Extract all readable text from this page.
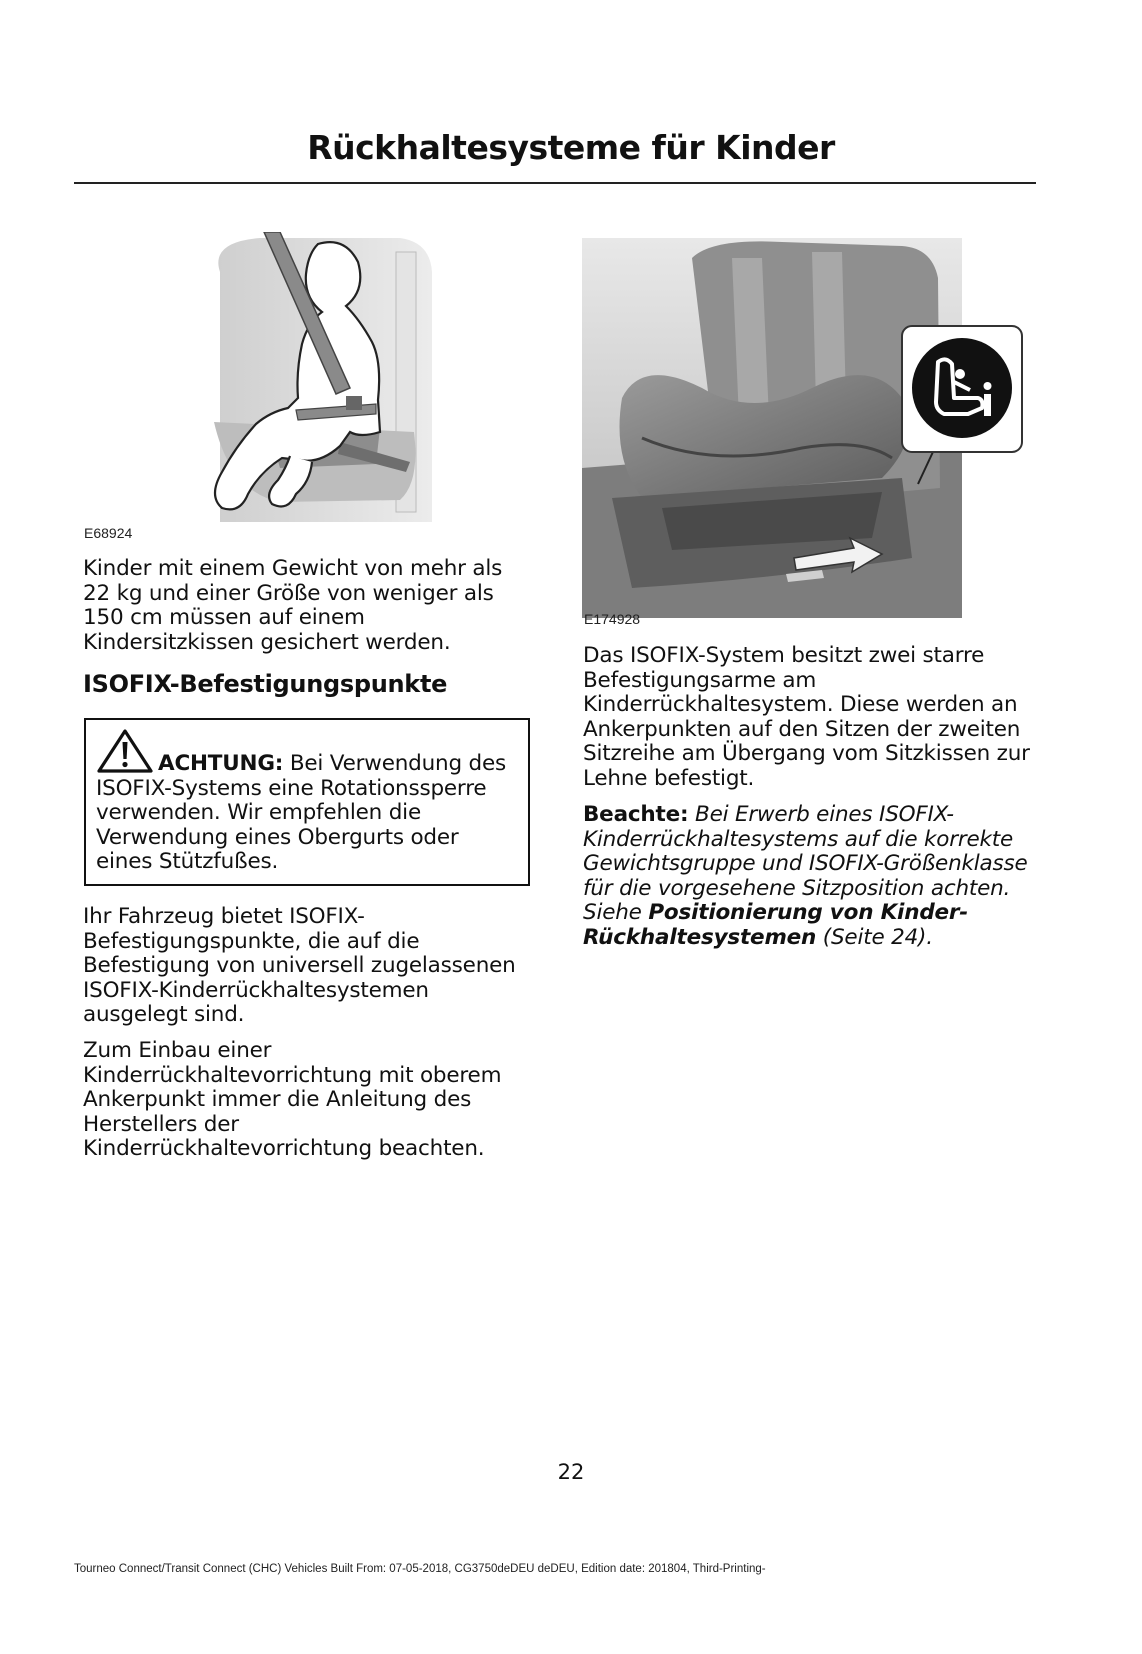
Rückhaltesysteme für Kinder
E68924

Kinder mit einem Gewicht von mehr als 22 kg und einer Größe von weniger als 150 cm müssen auf einem Kindersitzkissen gesichert werden.

ISOFIX-Befestigungspunkte

ACHTUNG: Bei Verwendung des ISOFIX-Systems eine Rotationssperre verwenden. Wir empfehlen die Verwendung eines Obergurts oder eines Stützfußes.

Ihr Fahrzeug bietet ISOFIX-Befestigungspunkte, die auf die Befestigung von universell zugelassenen ISOFIX-Kinderrückhaltesystemen ausgelegt sind.

Zum Einbau einer Kinderrückhaltevorrichtung mit oberem Ankerpunkt immer die Anleitung des Herstellers der Kinderrückhaltevorrichtung beachten.

E174928

Das ISOFIX-System besitzt zwei starre Befestigungsarme am Kinderrückhaltesystem. Diese werden an Ankerpunkten auf den Sitzen der zweiten Sitzreihe am Übergang vom Sitzkissen zur Lehne befestigt.

Beachte: Bei Erwerb eines ISOFIX-Kinderrückhaltesystems auf die korrekte Gewichtsgruppe und ISOFIX-Größenklasse für die vorgesehene Sitzposition achten. Siehe Positionierung von Kinder-Rückhaltesystemen (Seite 24).

22
Tourneo Connect/Transit Connect (CHC) Vehicles Built From: 07-05-2018, CG3750deDEU deDEU, Edition date: 201804, Third-Printing-
